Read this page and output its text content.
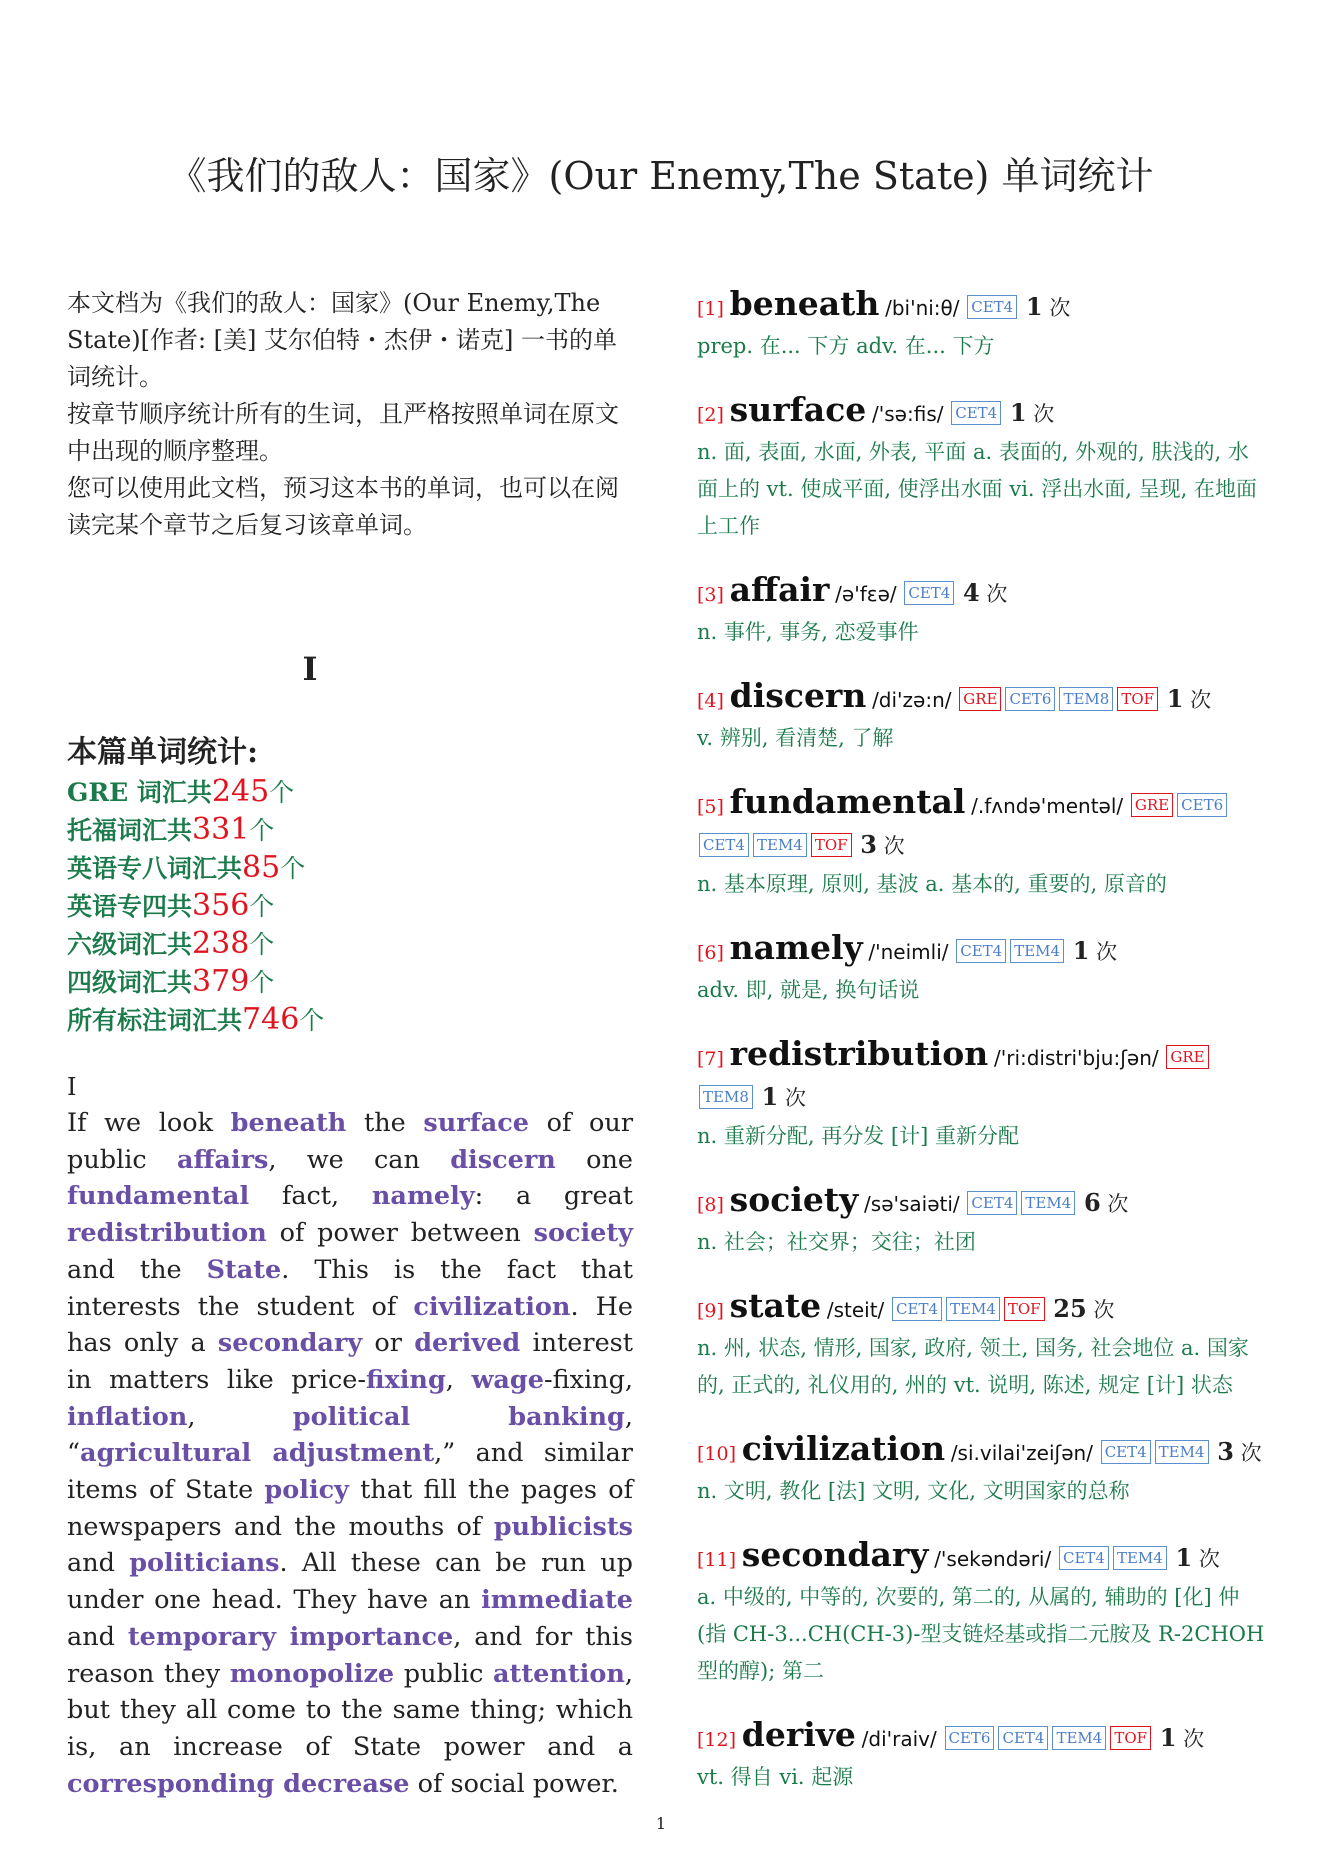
《我们的敌人：国家》(Our Enemy,The State) 单词统计

本文档为《我们的敌人：国家》(Our Enemy,The State)[作者: [美] 艾尔伯特・杰伊・诺克] 一书的单词统计。

按章节顺序统计所有的生词，且严格按照单词在原文中出现的顺序整理。

您可以使用此文档，预习这本书的单词，也可以在阅读完某个章节之后复习该章单词。

I
本篇单词统计:
GRE 词汇共245个
托福词汇共331个
英语专八词汇共85个
英语专四共356个
六级词汇共238个
四级词汇共379个
所有标注词汇共746个
I
If we look beneath the surface of our public affairs, we can discern one fundamental fact, namely: a great redistribution of power between society and the State. This is the fact that interests the student of civilization. He has only a secondary or derived interest in matters like price-fixing, wage-fixing, inflation, political banking, “agricultural adjustment,” and similar items of State policy that fill the pages of newspapers and the mouths of publicists and politicians. All these can be run up under one head. They have an immediate and temporary importance, and for this reason they monopolize public attention, but they all come to the same thing; which is, an increase of State power and a corresponding decrease of social power.
[1] beneath /bi'ni:θ/ CET4 1 次
prep. 在... 下方 adv. 在... 下方
[2] surface /'sə:fis/ CET4 1 次
n. 面, 表面, 水面, 外表, 平面 a. 表面的, 外观的, 肤浅的, 水面上的 vt. 使成平面, 使浮出水面 vi. 浮出水面, 呈现, 在地面上工作
[3] affair /ə'fεə/ CET4 4 次
n. 事件, 事务, 恋爱事件
[4] discern /di'zə:n/ GRE CET6 TEM8 TOF 1 次
v. 辨别, 看清楚, 了解
[5] fundamental /.fʌndə'mentəl/ GRE CET6CET4 TEM4 TOF 3 次
n. 基本原理, 原则, 基波 a. 基本的, 重要的, 原音的
[6] namely /'neimli/ CET4 TEM4 1 次
adv. 即, 就是, 换句话说
[7] redistribution /'ri:distri'bju:ʃən/ GRETEM8 1 次
n. 重新分配, 再分发 [计] 重新分配
[8] society /sə'saiəti/ CET4 TEM4 6 次
n. 社会；社交界；交往；社团
[9] state /steit/ CET4 TEM4 TOF 25 次
n. 州, 状态, 情形, 国家, 政府, 领土, 国务, 社会地位 a. 国家的, 正式的, 礼仪用的, 州的 vt. 说明, 陈述, 规定 [计] 状态
[10] civilization /si.vilai'zeiʃən/ CET4 TEM4 3 次
n. 文明, 教化 [法] 文明, 文化, 文明国家的总称
[11] secondary /'sekəndəri/ CET4 TEM4 1 次
a. 中级的, 中等的, 次要的, 第二的, 从属的, 辅助的 [化] 仲 (指 CH-3...CH(CH-3)-型支链烃基或指二元胺及 R-2CHOH 型的醇); 第二
[12] derive /di'raiv/ CET6 CET4 TEM4 TOF 1 次
vt. 得自 vi. 起源
1
